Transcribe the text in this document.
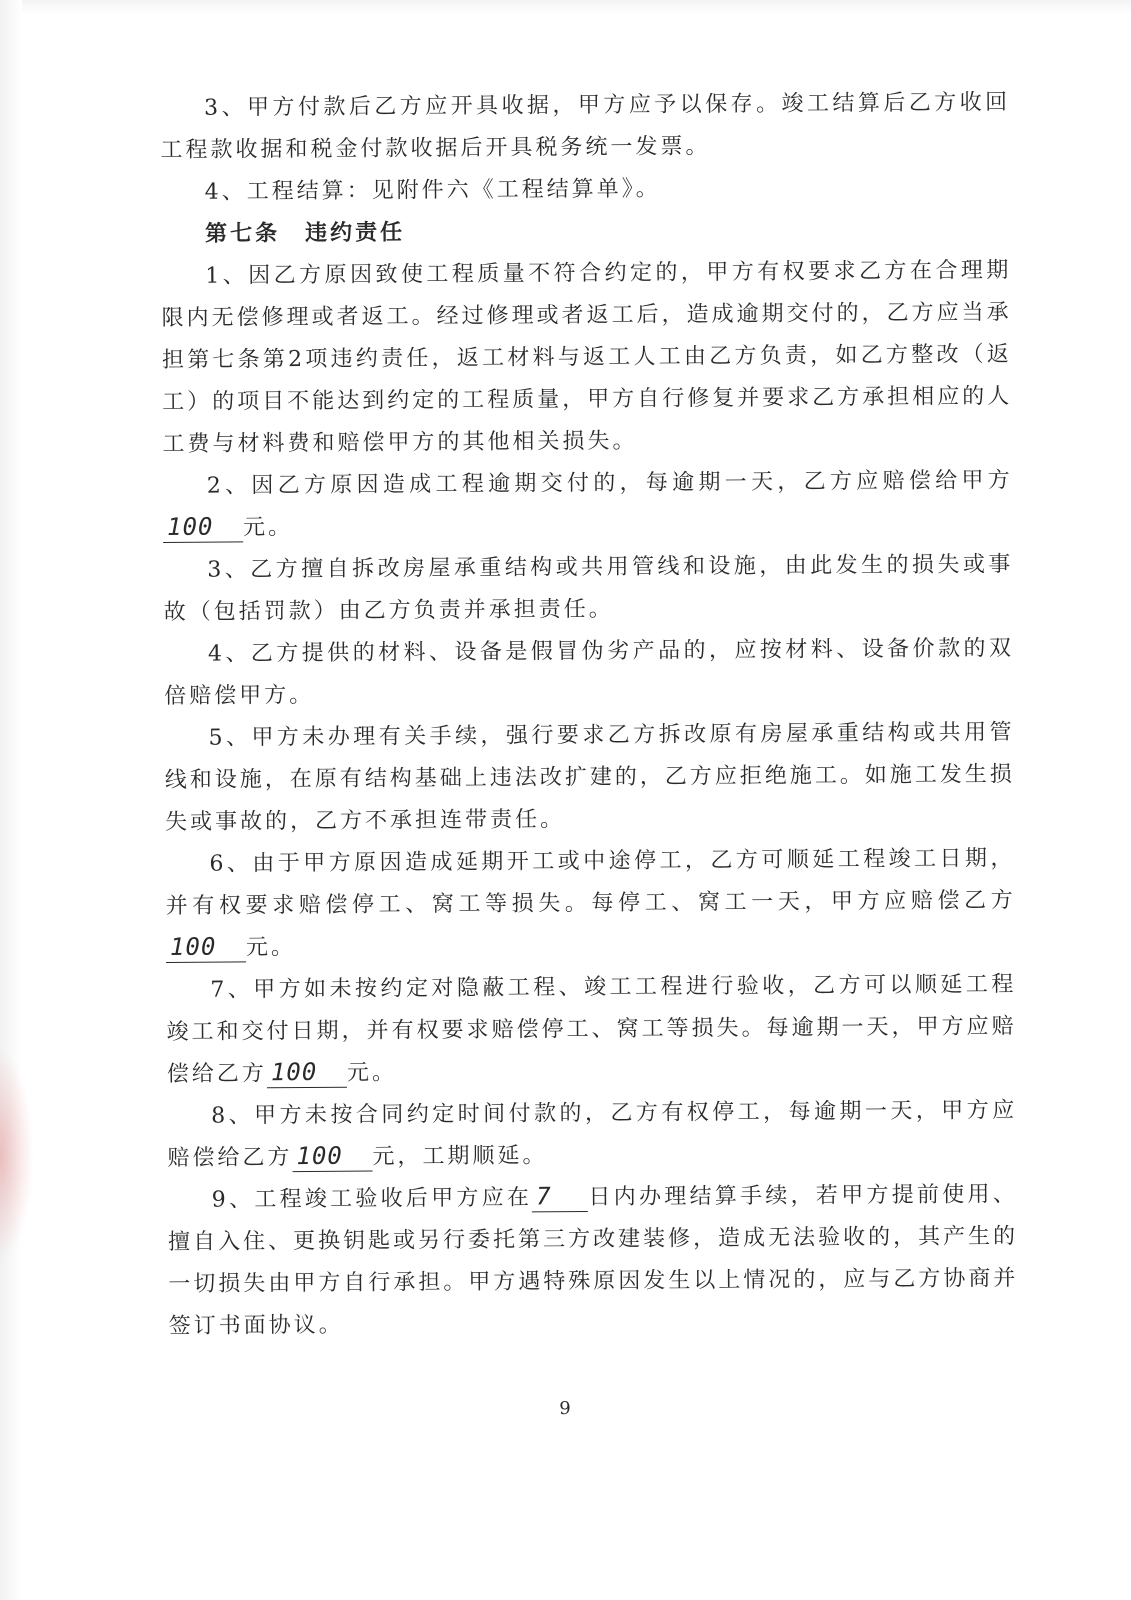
3、甲方付款后乙方应开具收据，甲方应予以保存。竣工结算后乙方收回工程款收据和税金付款收据后开具税务统一发票。

4、工程结算：见附件六《工程结算单》。

第七条　违约责任

1、因乙方原因致使工程质量不符合约定的，甲方有权要求乙方在合理期限内无偿修理或者返工。经过修理或者返工后，造成逾期交付的，乙方应当承担第七条第2项违约责任，返工材料与返工人工由乙方负责，如乙方整改（返工）的项目不能达到约定的工程质量，甲方自行修复并要求乙方承担相应的人工费与材料费和赔偿甲方的其他相关损失。

2、因乙方原因造成工程逾期交付的，每逾期一天，乙方应赔偿给甲方100 元。

3、乙方擅自拆改房屋承重结构或共用管线和设施，由此发生的损失或事故（包括罚款）由乙方负责并承担责任。

4、乙方提供的材料、设备是假冒伪劣产品的，应按材料、设备价款的双倍赔偿甲方。

5、甲方未办理有关手续，强行要求乙方拆改原有房屋承重结构或共用管线和设施，在原有结构基础上违法改扩建的，乙方应拒绝施工。如施工发生损失或事故的，乙方不承担连带责任。

6、由于甲方原因造成延期开工或中途停工，乙方可顺延工程竣工日期，并有权要求赔偿停工、窝工等损失。每停工、窝工一天，甲方应赔偿乙方100 元。

7、甲方如未按约定对隐蔽工程、竣工工程进行验收，乙方可以顺延工程竣工和交付日期，并有权要求赔偿停工、窝工等损失。每逾期一天，甲方应赔偿给乙方 100 元。

8、甲方未按合同约定时间付款的，乙方有权停工，每逾期一天，甲方应赔偿给乙方 100 元，工期顺延。

9、工程竣工验收后甲方应在 7 日内办理结算手续，若甲方提前使用、擅自入住、更换钥匙或另行委托第三方改建装修，造成无法验收的，其产生的一切损失由甲方自行承担。甲方遇特殊原因发生以上情况的，应与乙方协商并签订书面协议。

9
